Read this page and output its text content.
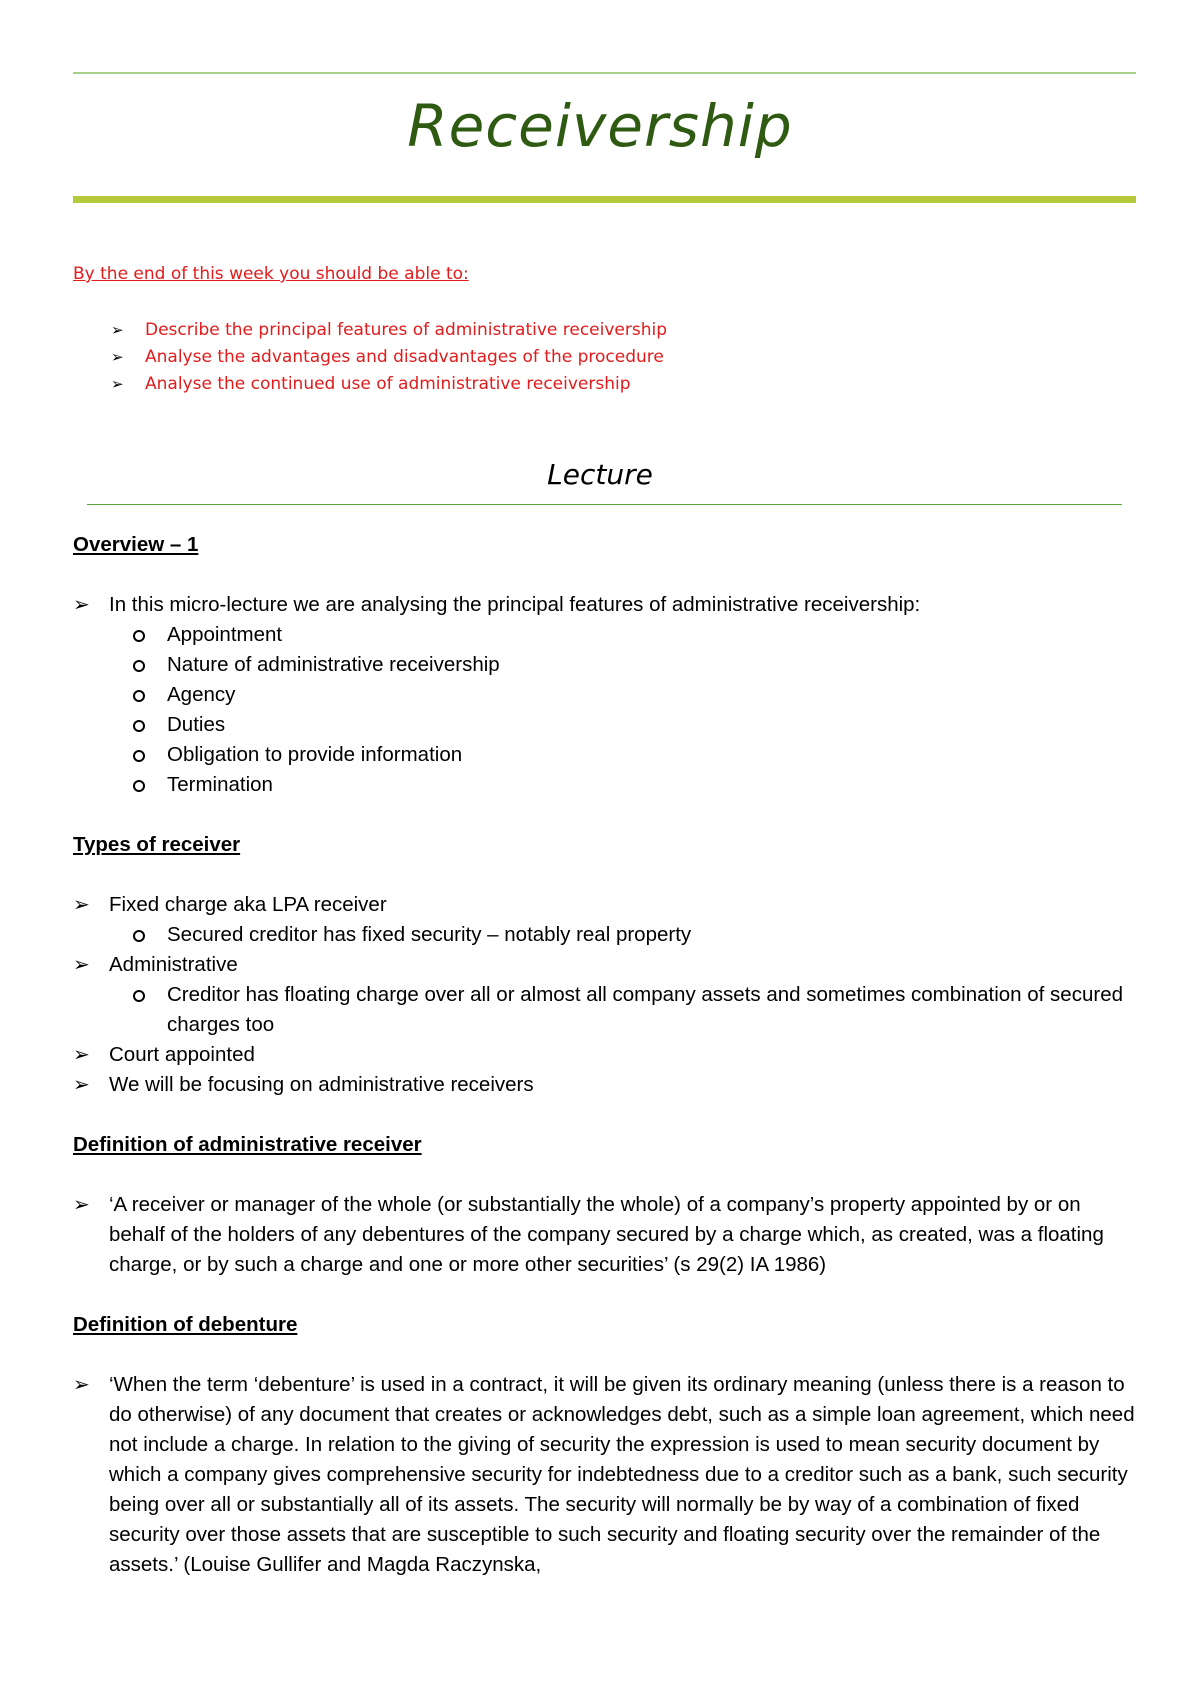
Receivership

By the end of this week you should be able to:

➢ Describe the principal features of administrative receivership
➢ Analyse the advantages and disadvantages of the procedure
➢ Analyse the continued use of administrative receivership
Lecture

Overview – 1

➢ In this micro-lecture we are analysing the principal features of administrative receivership:

Appointment

Nature of administrative receivership

Agency

Duties

Obligation to provide information

Termination

Types of receiver

➢ Fixed charge aka LPA receiver

Secured creditor has fixed security – notably real property

➢ Administrative

Creditor has floating charge over all or almost all company assets and sometimes combination of secured charges too

➢ Court appointed

➢ We will be focusing on administrative receivers

Definition of administrative receiver

➢ ‘A receiver or manager of the whole (or substantially the whole) of a company’s property appointed by or on behalf of the holders of any debentures of the company secured by a charge which, as created, was a floating charge, or by such a charge and one or more other securities’ (s 29(2) IA 1986)

Definition of debenture

➢ ‘When the term ‘debenture’ is used in a contract, it will be given its ordinary meaning (unless there is a reason to do otherwise) of any document that creates or acknowledges debt, such as a simple loan agreement, which need not include a charge. In relation to the giving of security the expression is used to mean security document by which a company gives comprehensive security for indebtedness due to a creditor such as a bank, such security being over all or substantially all of its assets. The security will normally be by way of a combination of fixed security over those assets that are susceptible to such security and floating security over the remainder of the assets.’ (Louise Gullifer and Magda Raczynska,
